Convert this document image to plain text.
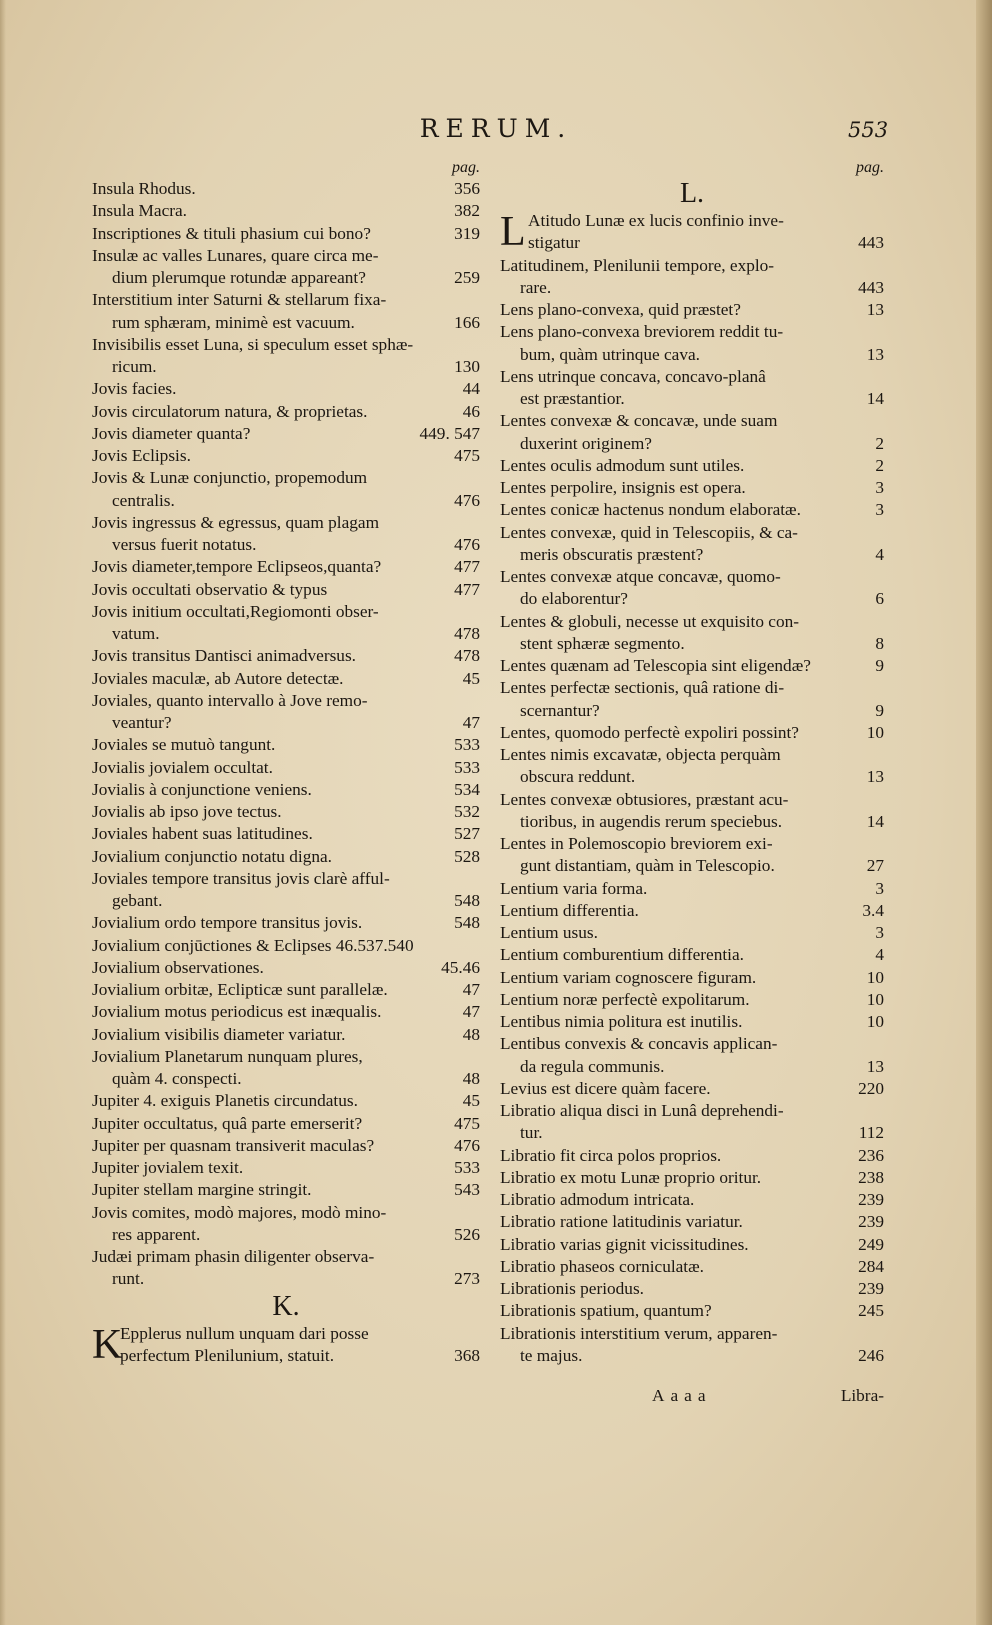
RERUM.	553
pag.
Insula Rhodus.	356
Insula Macra.	382
Inscriptiones & tituli phasium cui bono?	319
Insulæ ac valles Lunares, quare circa me-
dium plerumque rotundæ appareant?	259
Interstitium inter Saturni & stellarum fixa-
rum sphæram, minimè est vacuum.	166
Invisibilis esset Luna, si speculum esset sphæ-
ricum.	130
Jovis facies.	44
Jovis circulatorum natura, & proprietas.	46
Jovis diameter quanta?	449. 547
Jovis Eclipsis.	475
Jovis & Lunæ conjunctio, propemodum
centralis.	476
Jovis ingressus & egressus, quam plagam
versus fuerit notatus.	476
Jovis diameter,tempore Eclipseos,quanta?	477
Jovis occultati observatio & typus	477
Jovis initium occultati,Regiomonti obser-
vatum.	478
Jovis transitus Dantisci animadversus.	478
Joviales maculæ, ab Autore detectæ.	45
Joviales, quanto intervallo à Jove remo-
veantur?	47
Joviales se mutuò tangunt.	533
Jovialis jovialem occultat.	533
Jovialis à conjunctione veniens.	534
Jovialis ab ipso jove tectus.	532
Joviales habent suas latitudines.	527
Jovialium conjunctio notatu digna.	528
Joviales tempore transitus jovis clarè afful-
gebant.	548
Jovialium ordo tempore transitus jovis.	548
Jovialium conjūctiones & Eclipses 46.537.540
Jovialium observationes.	45.46
Jovialium orbitæ, Eclipticæ sunt parallelæ.	47
Jovialium motus periodicus est inæqualis.	47
Jovialium visibilis diameter variatur.	48
Jovialium Planetarum nunquam plures,
quàm 4. conspecti.	48
Jupiter 4. exiguis Planetis circundatus.	45
Jupiter occultatus, quâ parte emerserit?	475
Jupiter per quasnam transiverit maculas?	476
Jupiter jovialem texit.	533
Jupiter stellam margine stringit.	543
Jovis comites, modò majores, modò mino-
res apparent.	526
Judæi primam phasin diligenter observa-
runt.	273
K.
K
Epplerus nullum unquam dari posse
perfectum Plenilunium, statuit.	368
pag.
L.
L Atitudo Lunæ ex lucis confinio inve-
stigatur	443
Latitudinem, Plenilunii tempore, explo-
rare.	443
Lens plano-convexa, quid præstet?	13
Lens plano-convexa breviorem reddit tu-
bum, quàm utrinque cava.	13
Lens utrinque concava, concavo-planâ
est præstantior.	14
Lentes convexæ & concavæ, unde suam
duxerint originem?	2
Lentes oculis admodum sunt utiles.	2
Lentes perpolire, insignis est opera.	3
Lentes conicæ hactenus nondum elaboratæ.	3
Lentes convexæ, quid in Telescopiis, & ca-
meris obscuratis præstent?	4
Lentes convexæ atque concavæ, quomo-
do elaborentur?	6
Lentes & globuli, necesse ut exquisito con-
stent sphæræ segmento.	8
Lentes quænam ad Telescopia sint eligendæ?	9
Lentes perfectæ sectionis, quâ ratione di-
scernantur?	9
Lentes, quomodo perfectè expoliri possint?	10
Lentes nimis excavatæ, objecta perquàm
obscura reddunt.	13
Lentes convexæ obtusiores, præstant acu-
tioribus, in augendis rerum speciebus.	14
Lentes in Polemoscopio breviorem exi-
gunt distantiam, quàm in Telescopio.	27
Lentium varia forma.	3
Lentium differentia.	3.4
Lentium usus.	3
Lentium comburentium differentia.	4
Lentium variam cognoscere figuram.	10
Lentium noræ perfectè expolitarum.	10
Lentibus nimia politura est inutilis.	10
Lentibus convexis & concavis applican-
da regula communis.	13
Levius est dicere quàm facere.	220
Libratio aliqua disci in Lunâ deprehendi-
tur.	112
Libratio fit circa polos proprios.	236
Libratio ex motu Lunæ proprio oritur.	238
Libratio admodum intricata.	239
Libratio ratione latitudinis variatur.	239
Libratio varias gignit vicissitudines.	249
Libratio phaseos corniculatæ.	284
Librationis periodus.	239
Librationis spatium, quantum?	245
Librationis interstitium verum, apparen-
te majus.	246
Aaaa	Libra-
